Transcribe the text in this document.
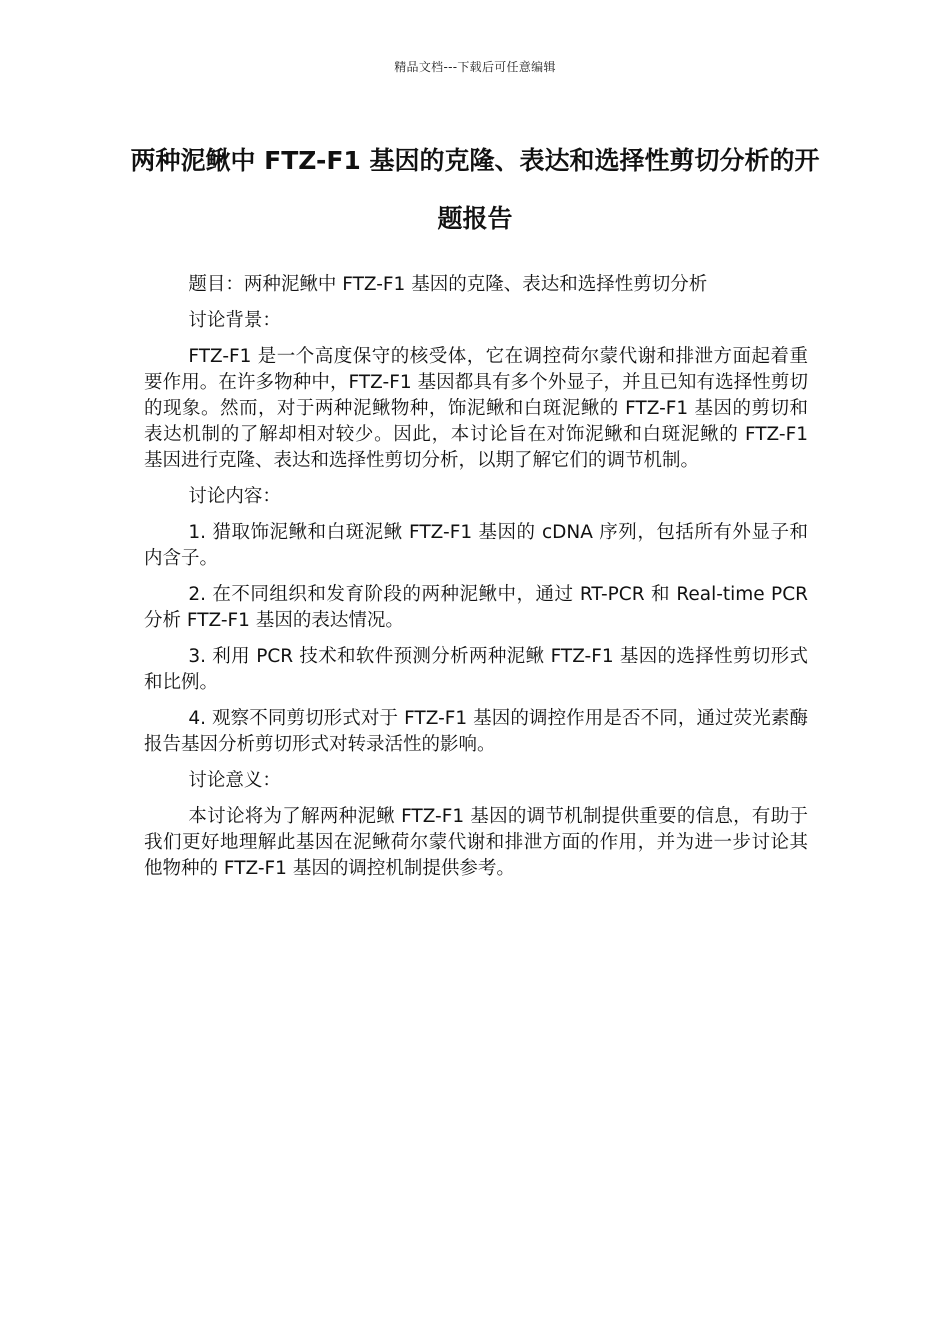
精品文档---下载后可任意编辑
两种泥鳅中 FTZ-F1 基因的克隆、表达和选择性剪切分析的开题报告

题目：两种泥鳅中 FTZ-F1 基因的克隆、表达和选择性剪切分析

讨论背景：

FTZ-F1 是一个高度保守的核受体，它在调控荷尔蒙代谢和排泄方面起着重要作用。在许多物种中，FTZ-F1 基因都具有多个外显子，并且已知有选择性剪切的现象。然而，对于两种泥鳅物种，饰泥鳅和白斑泥鳅的 FTZ-F1 基因的剪切和表达机制的了解却相对较少。因此，本讨论旨在对饰泥鳅和白斑泥鳅的 FTZ-F1 基因进行克隆、表达和选择性剪切分析，以期了解它们的调节机制。

讨论内容：

1. 猎取饰泥鳅和白斑泥鳅 FTZ-F1 基因的 cDNA 序列，包括所有外显子和内含子。

2. 在不同组织和发育阶段的两种泥鳅中，通过 RT-PCR 和 Real-time PCR 分析 FTZ-F1 基因的表达情况。

3. 利用 PCR 技术和软件预测分析两种泥鳅 FTZ-F1 基因的选择性剪切形式和比例。

4. 观察不同剪切形式对于 FTZ-F1 基因的调控作用是否不同，通过荧光素酶报告基因分析剪切形式对转录活性的影响。

讨论意义：

本讨论将为了解两种泥鳅 FTZ-F1 基因的调节机制提供重要的信息，有助于我们更好地理解此基因在泥鳅荷尔蒙代谢和排泄方面的作用，并为进一步讨论其他物种的 FTZ-F1 基因的调控机制提供参考。
